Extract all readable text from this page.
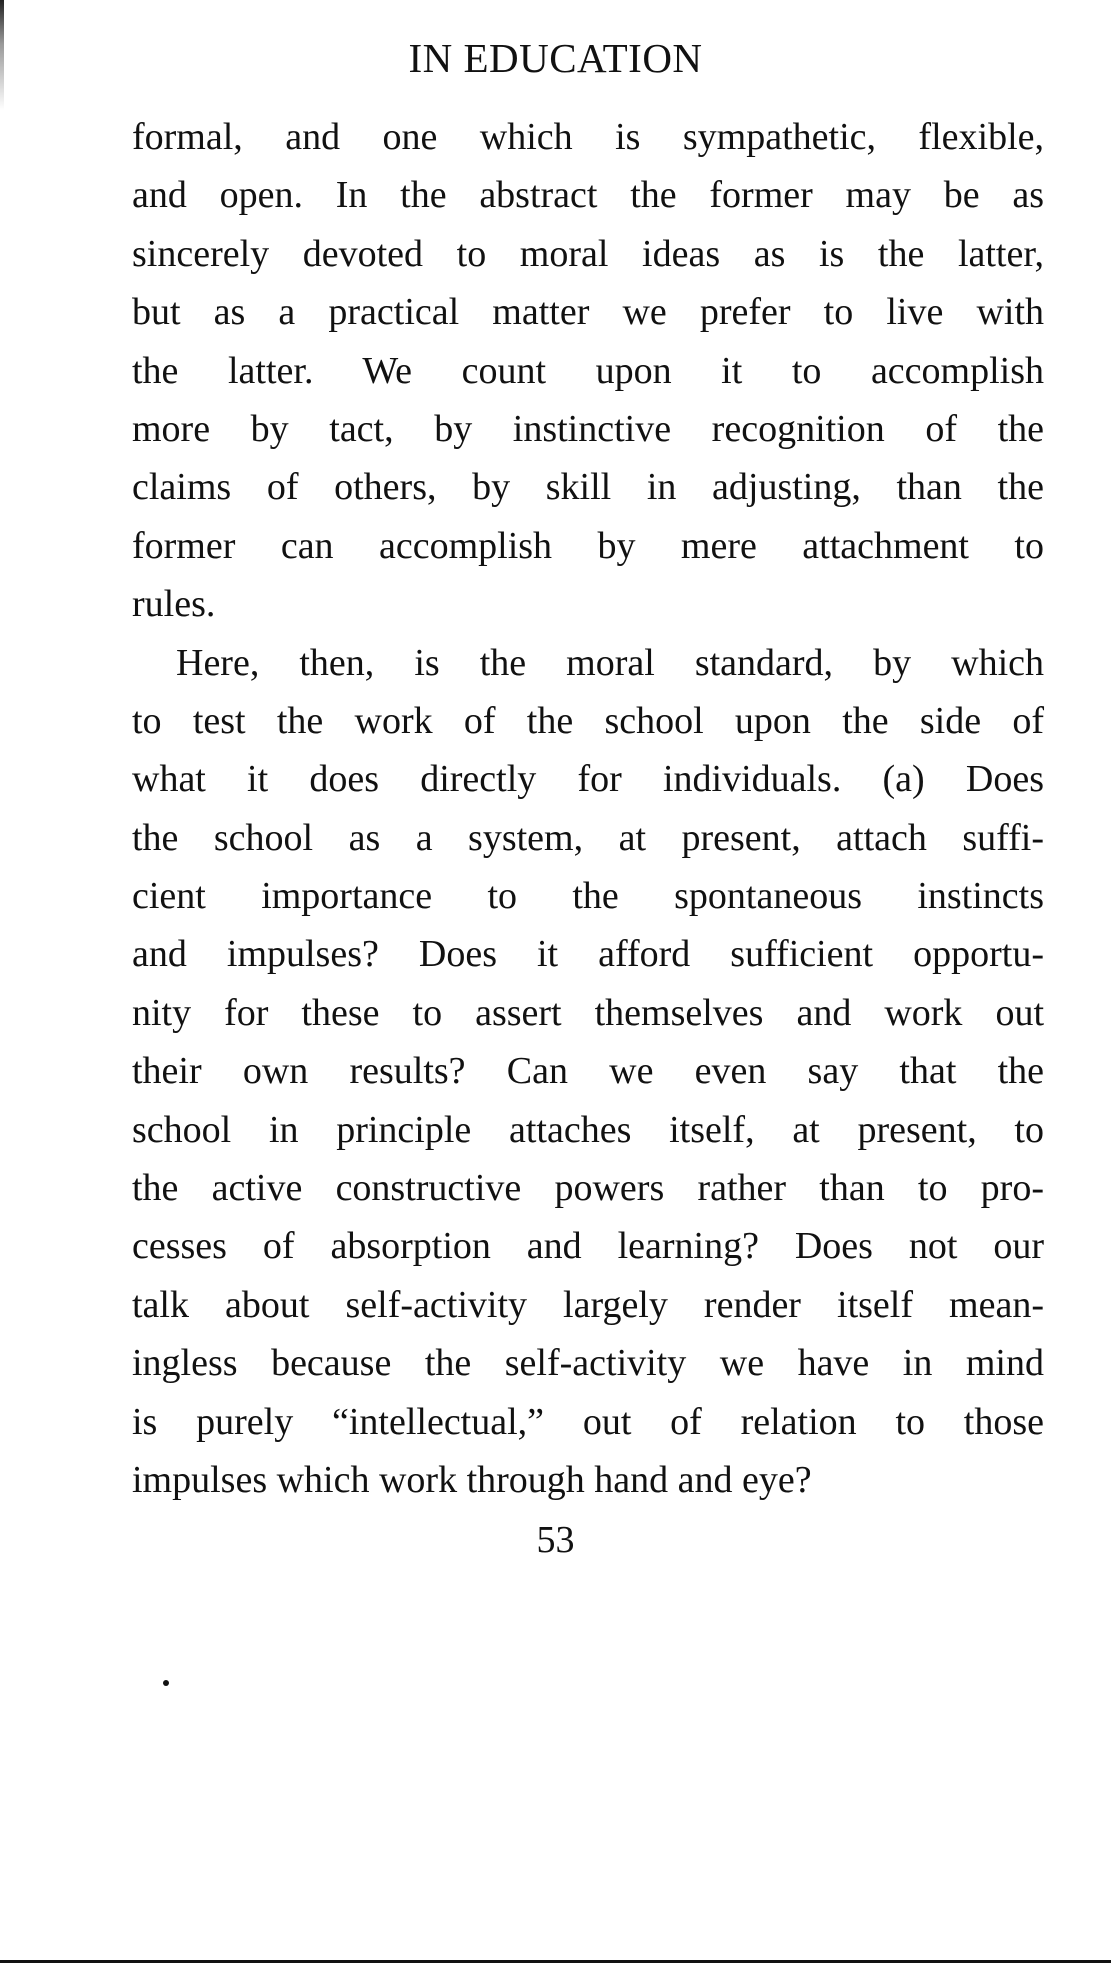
IN EDUCATION
formal, and one which is sympathetic, flexible,
and open. In the abstract the former may be as
sincerely devoted to moral ideas as is the latter,
but as a practical matter we prefer to live with
the latter. We count upon it to accomplish
more by tact, by instinctive recognition of the
claims of others, by skill in adjusting, than the
former can accomplish by mere attachment to
rules.
Here, then, is the moral standard, by which
to test the work of the school upon the side of
what it does directly for individuals. (a) Does
the school as a system, at present, attach suffi-
cient importance to the spontaneous instincts
and impulses? Does it afford sufficient opportu-
nity for these to assert themselves and work out
their own results? Can we even say that the
school in principle attaches itself, at present, to
the active constructive powers rather than to pro-
cesses of absorption and learning? Does not our
talk about self-activity largely render itself mean-
ingless because the self-activity we have in mind
is purely “intellectual,” out of relation to those
impulses which work through hand and eye?
53
